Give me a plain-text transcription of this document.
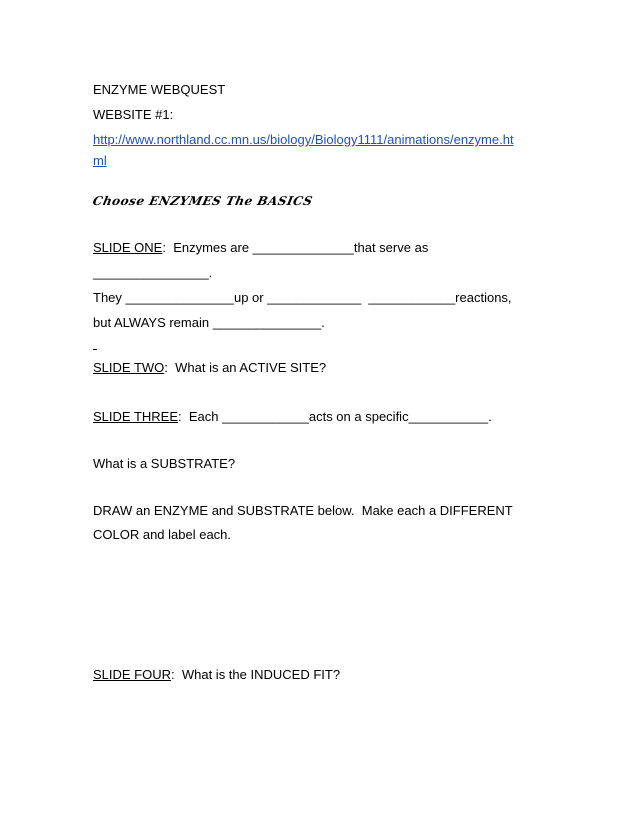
ENZYME WEBQUEST
WEBSITE #1:
http://www.northland.cc.mn.us/biology/Biology1111/animations/enzyme.ht
ml
Choose ENZYMES The BASICS
SLIDE ONE:  Enzymes are ______________that serve as
________________.
They _______________up or _____________  ____________reactions,
but ALWAYS remain _______________.
SLIDE TWO:  What is an ACTIVE SITE?
SLIDE THREE:  Each ____________acts on a specific___________.
What is a SUBSTRATE?
DRAW an ENZYME and SUBSTRATE below.  Make each a DIFFERENT
COLOR and label each.
SLIDE FOUR:  What is the INDUCED FIT?
